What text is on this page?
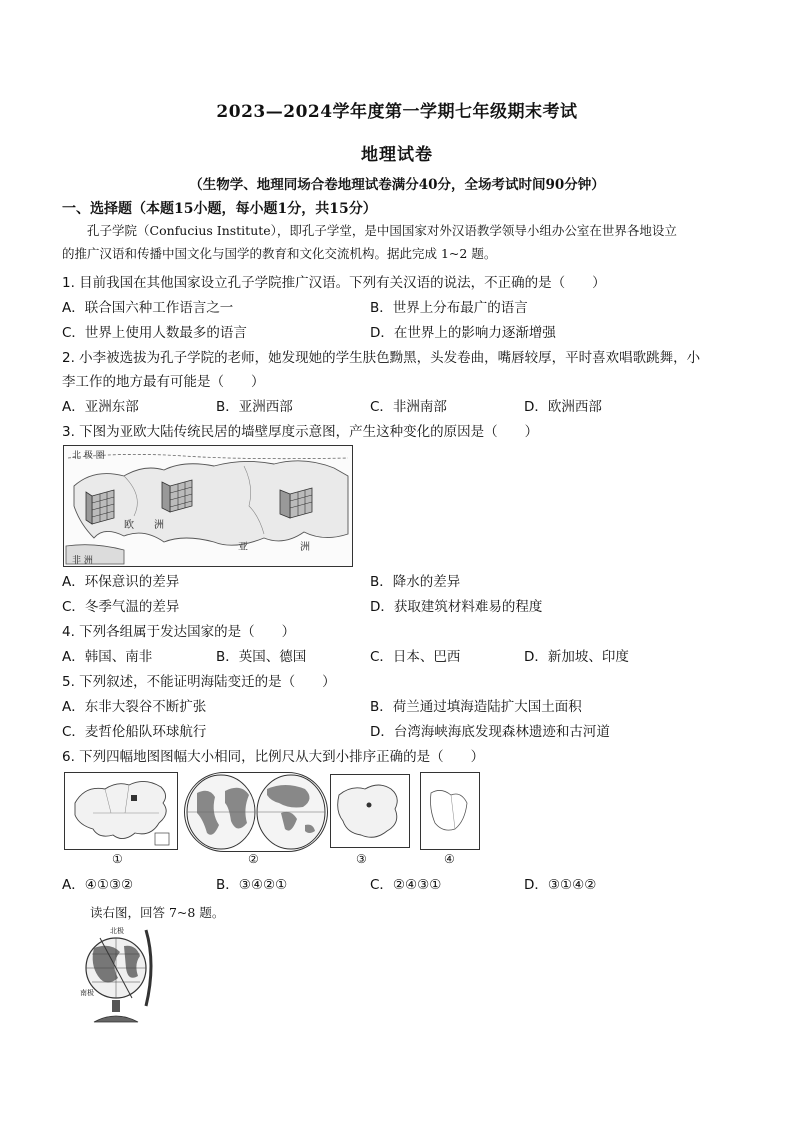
2023—2024学年度第一学期七年级期末考试
地理试卷
（生物学、地理同场合卷地理试卷满分40分，全场考试时间90分钟）
一、选择题（本题15小题，每小题1分，共15分）
孔子学院（Confucius Institute），即孔子学堂，是中国国家对外汉语教学领导小组办公室在世界各地设立
的推广汉语和传播中国文化与国学的教育和文化交流机构。据此完成 1~2 题。
1. 目前我国在其他国家设立孔子学院推广汉语。下列有关汉语的说法，不正确的是（　　）
A．联合国六种工作语言之一	B．世界上分布最广的语言
C．世界上使用人数最多的语言	D．在世界上的影响力逐渐增强
2. 小李被选拔为孔子学院的老师，她发现她的学生肤色黝黑，头发卷曲，嘴唇较厚，平时喜欢唱歌跳舞，小
李工作的地方最有可能是（　　）
A．亚洲东部	B．亚洲西部	C．非洲南部	D．欧洲西部
3. 下图为亚欧大陆传统民居的墙壁厚度示意图，产生这种变化的原因是（　　）
北 极 圈
欧 洲
亚	洲
非 洲
A．环保意识的差异	B．降水的差异
C．冬季气温的差异	D．获取建筑材料难易的程度
4. 下列各组属于发达国家的是（　　）
A．韩国、南非	B．英国、德国	C．日本、巴西	D．新加坡、印度
5. 下列叙述，不能证明海陆变迁的是（　　）
A．东非大裂谷不断扩张	B．荷兰通过填海造陆扩大国土面积
C．麦哲伦船队环球航行	D．台湾海峡海底发现森林遗迹和古河道
6. 下列四幅地图图幅大小相同，比例尺从大到小排序正确的是（　　）
①	②	③	④
A．④①③②	B．③④②①	C．②④③①	D．③①④②
读右图，回答 7~8 题。
北极
南极
